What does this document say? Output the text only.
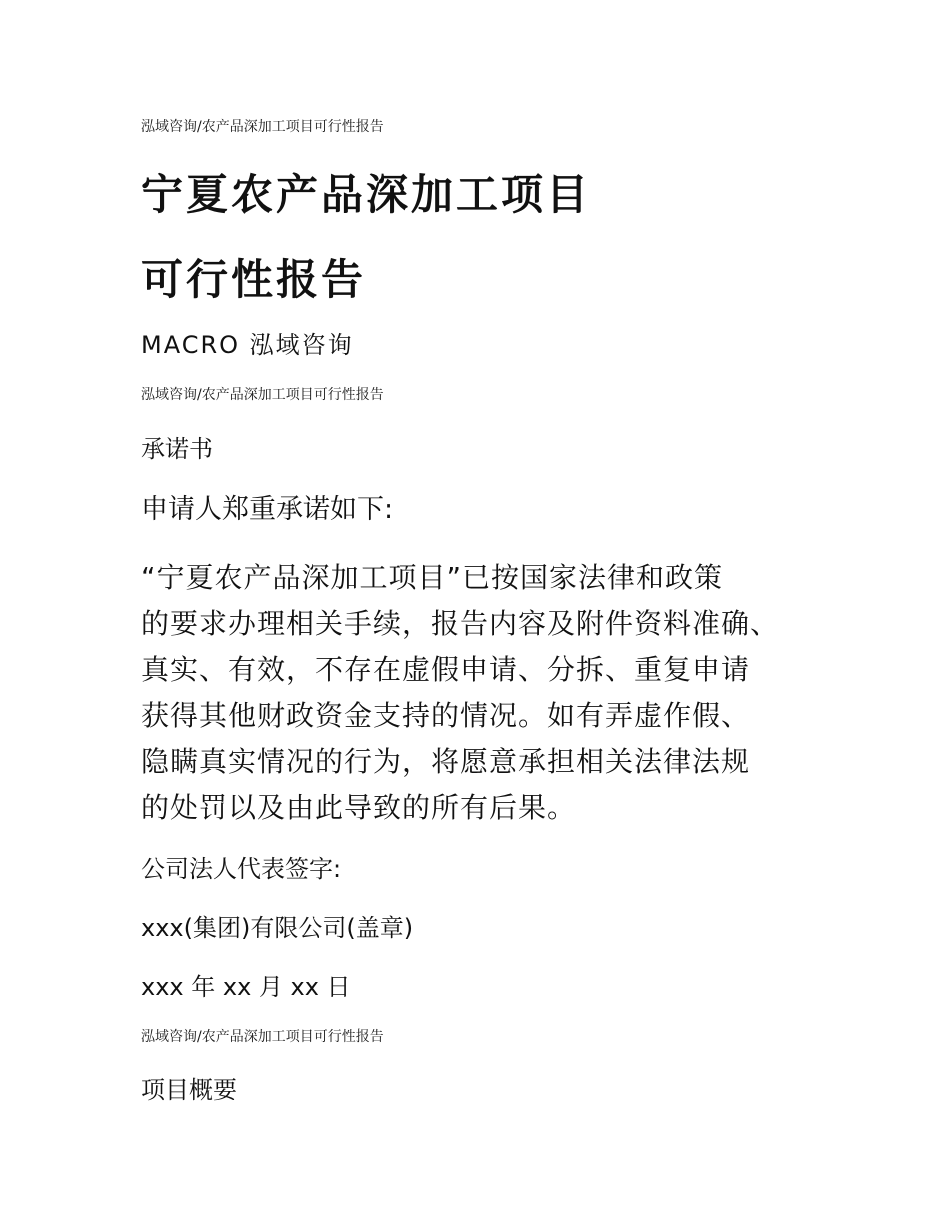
泓域咨询/农产品深加工项目可行性报告

宁夏农产品深加工项目
可行性报告

MACRO 泓域咨询

泓域咨询/农产品深加工项目可行性报告

承诺书

申请人郑重承诺如下:

“宁夏农产品深加工项目”已按国家法律和政策
的要求办理相关手续，报告内容及附件资料准确、
真实、有效，不存在虚假申请、分拆、重复申请
获得其他财政资金支持的情况。如有弄虚作假、
隐瞒真实情况的行为，将愿意承担相关法律法规
的处罚以及由此导致的所有后果。

公司法人代表签字:

xxx(集团)有限公司(盖章)

xxx 年 xx 月 xx 日

泓域咨询/农产品深加工项目可行性报告

项目概要
